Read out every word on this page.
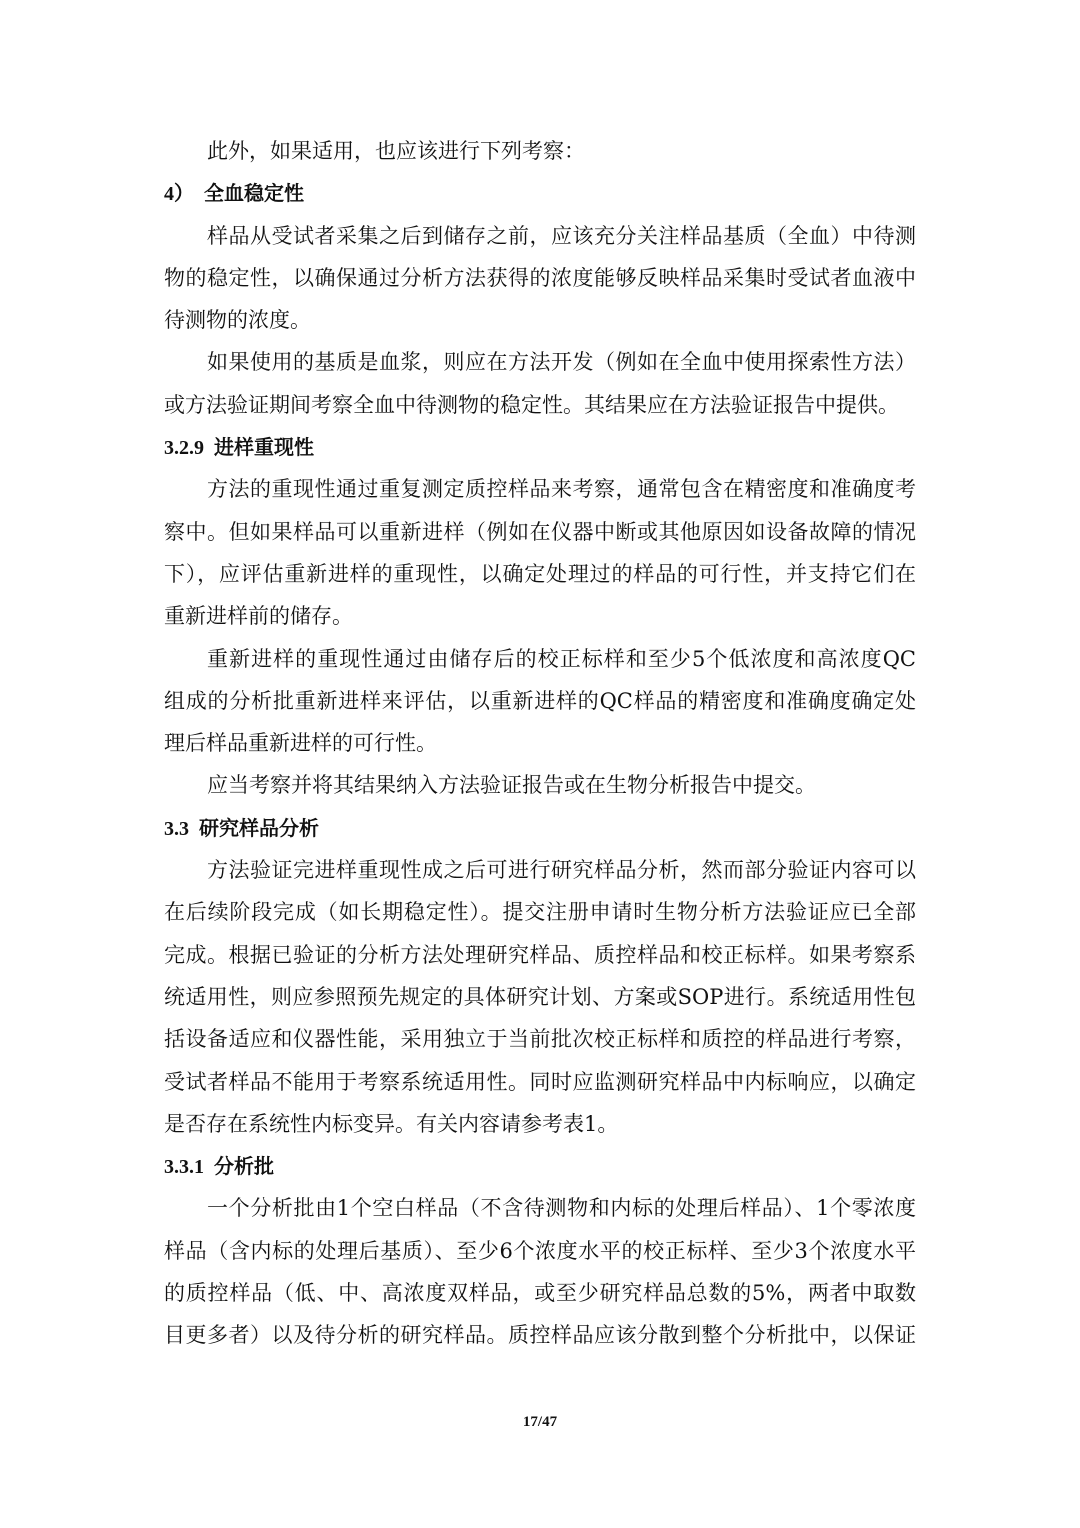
此外，如果适用，也应该进行下列考察：
4） 全血稳定性
样品从受试者采集之后到储存之前，应该充分关注样品基质（全血）中待测
物的稳定性，以确保通过分析方法获得的浓度能够反映样品采集时受试者血液中
待测物的浓度。
如果使用的基质是血浆，则应在方法开发（例如在全血中使用探索性方法）
或方法验证期间考察全血中待测物的稳定性。其结果应在方法验证报告中提供。
3.2.9 进样重现性
方法的重现性通过重复测定质控样品来考察，通常包含在精密度和准确度考
察中。但如果样品可以重新进样（例如在仪器中断或其他原因如设备故障的情况
下），应评估重新进样的重现性，以确定处理过的样品的可行性，并支持它们在
重新进样前的储存。
重新进样的重现性通过由储存后的校正标样和至少5个低浓度和高浓度QC
组成的分析批重新进样来评估，以重新进样的QC样品的精密度和准确度确定处
理后样品重新进样的可行性。
应当考察并将其结果纳入方法验证报告或在生物分析报告中提交。
3.3 研究样品分析
方法验证完进样重现性成之后可进行研究样品分析，然而部分验证内容可以
在后续阶段完成（如长期稳定性）。提交注册申请时生物分析方法验证应已全部
完成。根据已验证的分析方法处理研究样品、质控样品和校正标样。如果考察系
统适用性，则应参照预先规定的具体研究计划、方案或SOP进行。系统适用性包
括设备适应和仪器性能，采用独立于当前批次校正标样和质控的样品进行考察，
受试者样品不能用于考察系统适用性。同时应监测研究样品中内标响应，以确定
是否存在系统性内标变异。有关内容请参考表1。
3.3.1 分析批
一个分析批由1个空白样品（不含待测物和内标的处理后样品）、1个零浓度
样品（含内标的处理后基质）、至少6个浓度水平的校正标样、至少3个浓度水平
的质控样品（低、中、高浓度双样品，或至少研究样品总数的5%，两者中取数
目更多者）以及待分析的研究样品。质控样品应该分散到整个分析批中，以保证
17/47
